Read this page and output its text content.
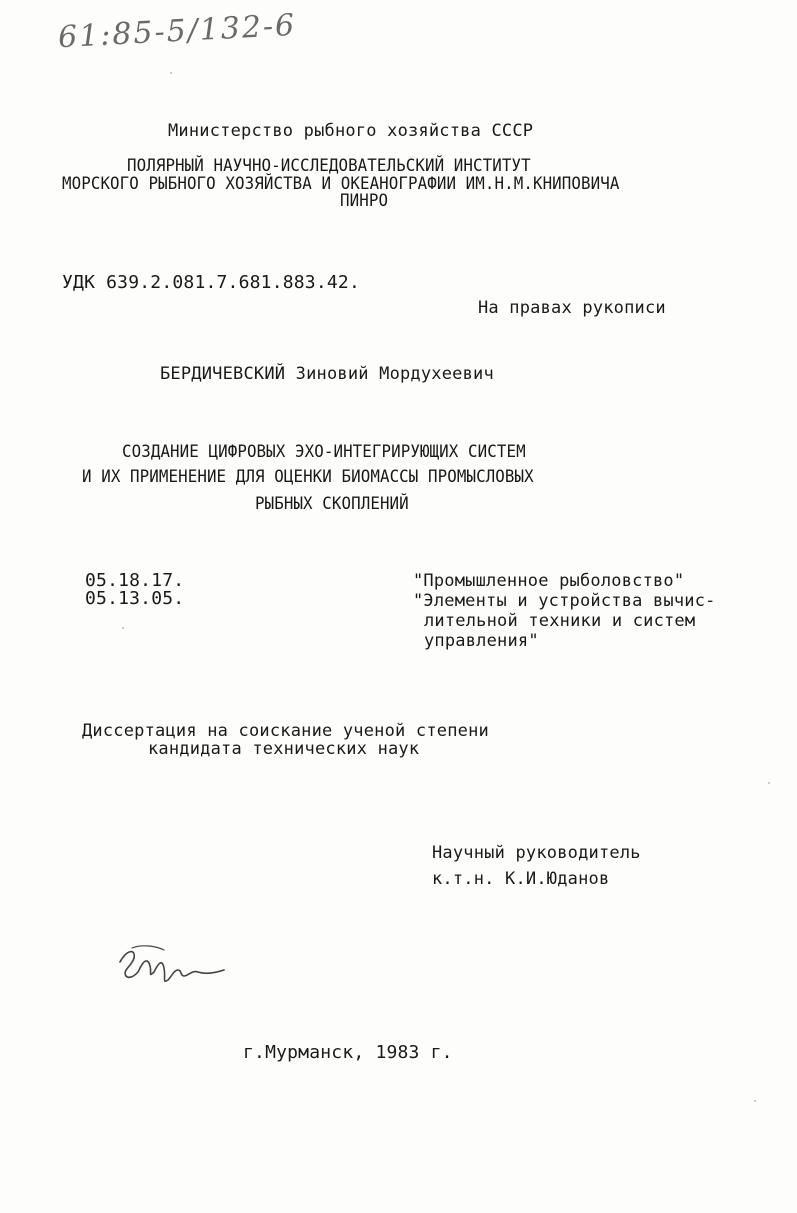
61:85-5/132-6
Министерство рыбного хозяйства СССР
ПОЛЯРНЫЙ НАУЧНО-ИССЛЕДОВАТЕЛЬСКИЙ ИНСТИТУТ
МОРСКОГО РЫБНОГО ХОЗЯЙСТВА И ОКЕАНОГРАФИИ ИМ.Н.М.КНИПОВИЧА
ПИНРО
УДК 639.2.081.7.681.883.42.
На правах рукописи
БЕРДИЧЕВСКИЙ Зиновий Мордухеевич
СОЗДАНИЕ ЦИФРОВЫХ ЭХО-ИНТЕГРИРУЮЩИХ СИСТЕМ
И ИХ ПРИМЕНЕНИЕ ДЛЯ ОЦЕНКИ БИОМАССЫ ПРОМЫСЛОВЫХ
РЫБНЫХ СКОПЛЕНИЙ
05.18.17.
05.13.05.
"Промышленное рыболовство"
"Элементы и устройства вычис-
лительной техники и систем
управления"
Диссертация на соискание ученой степени
кандидата технических наук
Научный руководитель
к.т.н. К.И.Юданов
г.Мурманск, 1983 г.
